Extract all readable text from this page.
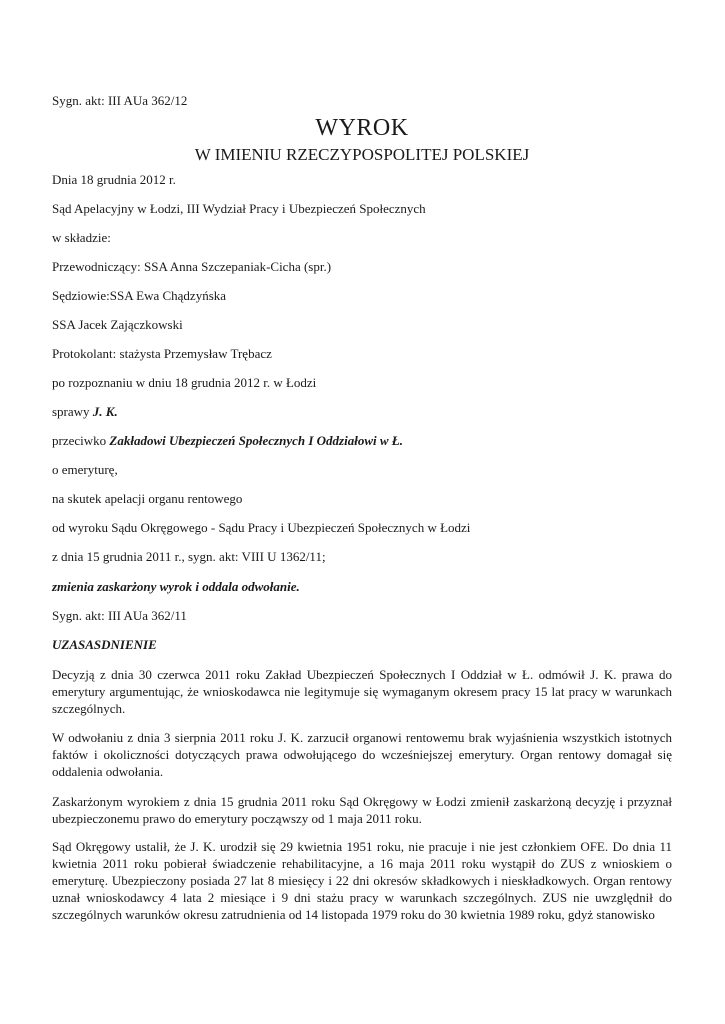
Sygn. akt: III AUa 362/12
WYROK
W IMIENIU RZECZYPOSPOLITEJ POLSKIEJ
Dnia 18 grudnia 2012 r.
Sąd Apelacyjny w Łodzi, III Wydział Pracy i Ubezpieczeń Społecznych
w składzie:
Przewodniczący: SSA Anna Szczepaniak-Cicha (spr.)
Sędziowie:SSA Ewa Chądzyńska
SSA Jacek Zajączkowski
Protokolant: stażysta Przemysław Trębacz
po rozpoznaniu w dniu 18 grudnia 2012 r. w Łodzi
sprawy J. K.
przeciwko Zakładowi Ubezpieczeń Społecznych I Oddziałowi w Ł.
o emeryturę,
na skutek apelacji organu rentowego
od wyroku Sądu Okręgowego - Sądu Pracy i Ubezpieczeń Społecznych w Łodzi
z dnia 15 grudnia 2011 r., sygn. akt: VIII U 1362/11;
zmienia zaskarżony wyrok i oddala odwołanie.
Sygn. akt: III AUa 362/11
UZASASDNIENIE
Decyzją z dnia 30 czerwca 2011 roku Zakład Ubezpieczeń Społecznych I Oddział w Ł. odmówił J. K. prawa do emerytury argumentując, że wnioskodawca nie legitymuje się wymaganym okresem pracy 15 lat pracy w warunkach szczególnych.
W odwołaniu z dnia 3 sierpnia 2011 roku J. K. zarzucił organowi rentowemu brak wyjaśnienia wszystkich istotnych faktów i okoliczności dotyczących prawa odwołującego do wcześniejszej emerytury. Organ rentowy domagał się oddalenia odwołania.
Zaskarżonym wyrokiem z dnia 15 grudnia 2011 roku Sąd Okręgowy w Łodzi zmienił zaskarżoną decyzję i przyznał ubezpieczonemu prawo do emerytury począwszy od 1 maja 2011 roku.
Sąd Okręgowy ustalił, że J. K. urodził się 29 kwietnia 1951 roku, nie pracuje i nie jest członkiem OFE. Do dnia 11 kwietnia 2011 roku pobierał świadczenie rehabilitacyjne, a 16 maja 2011 roku wystąpił do ZUS z wnioskiem o emeryturę. Ubezpieczony posiada 27 lat 8 miesięcy i 22 dni okresów składkowych i nieskładkowych. Organ rentowy uznał wnioskodawcy 4 lata 2 miesiące i 9 dni stażu pracy w warunkach szczególnych. ZUS nie uwzględnił do szczególnych warunków okresu zatrudnienia od 14 listopada 1979 roku do 30 kwietnia 1989 roku, gdyż stanowisko
